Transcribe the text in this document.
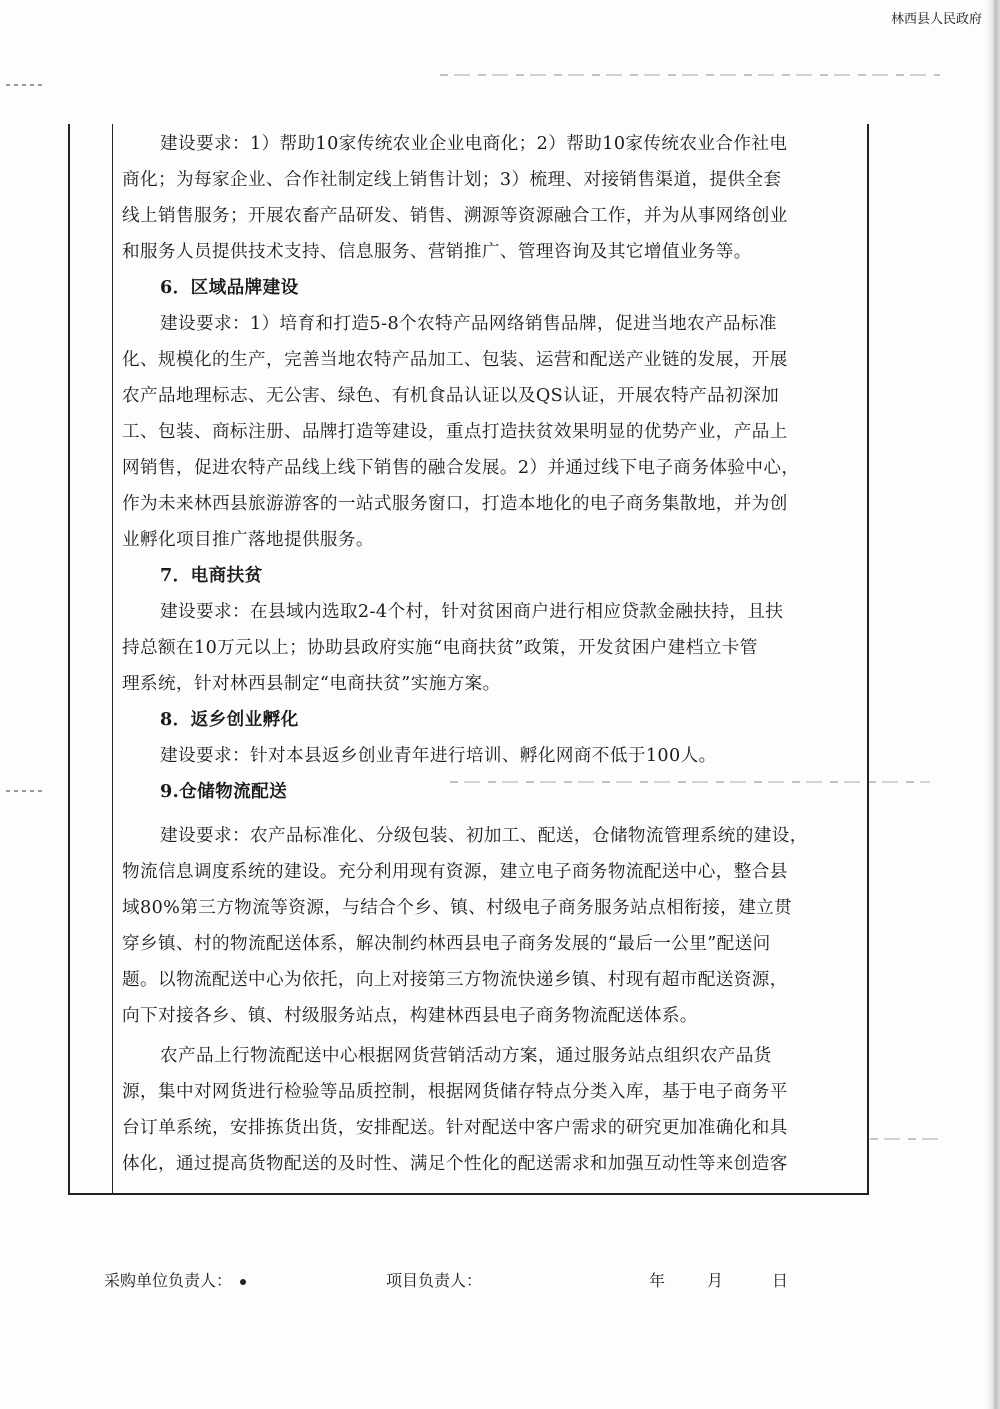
林西县人民政府
建设要求：1）帮助10家传统农业企业电商化；2）帮助10家传统农业合作社电
商化；为每家企业、合作社制定线上销售计划；3）梳理、对接销售渠道，提供全套
线上销售服务；开展农畜产品研发、销售、溯源等资源融合工作，并为从事网络创业
和服务人员提供技术支持、信息服务、营销推广、管理咨询及其它增值业务等。
6．区域品牌建设
建设要求：1）培育和打造5-8个农特产品网络销售品牌，促进当地农产品标准
化、规模化的生产，完善当地农特产品加工、包装、运营和配送产业链的发展，开展
农产品地理标志、无公害、绿色、有机食品认证以及QS认证，开展农特产品初深加
工、包装、商标注册、品牌打造等建设，重点打造扶贫效果明显的优势产业，产品上
网销售，促进农特产品线上线下销售的融合发展。2）并通过线下电子商务体验中心，
作为未来林西县旅游游客的一站式服务窗口，打造本地化的电子商务集散地，并为创
业孵化项目推广落地提供服务。
7．电商扶贫
建设要求：在县域内选取2-4个村，针对贫困商户进行相应贷款金融扶持，且扶
持总额在10万元以上；协助县政府实施“电商扶贫”政策，开发贫困户建档立卡管
理系统，针对林西县制定“电商扶贫”实施方案。
8．返乡创业孵化
建设要求：针对本县返乡创业青年进行培训、孵化网商不低于100人。
9.仓储物流配送
建设要求：农产品标准化、分级包装、初加工、配送，仓储物流管理系统的建设，
物流信息调度系统的建设。充分利用现有资源，建立电子商务物流配送中心，整合县
域80%第三方物流等资源，与结合个乡、镇、村级电子商务服务站点相衔接，建立贯
穿乡镇、村的物流配送体系，解决制约林西县电子商务发展的“最后一公里”配送问
题。以物流配送中心为依托，向上对接第三方物流快递乡镇、村现有超市配送资源，
向下对接各乡、镇、村级服务站点，构建林西县电子商务物流配送体系。
农产品上行物流配送中心根据网货营销活动方案，通过服务站点组织农产品货
源，集中对网货进行检验等品质控制，根据网货储存特点分类入库，基于电子商务平
台订单系统，安排拣货出货，安排配送。针对配送中客户需求的研究更加准确化和具
体化，通过提高货物配送的及时性、满足个性化的配送需求和加强互动性等来创造客
采购单位负责人：	项目负责人：	年	月	日
